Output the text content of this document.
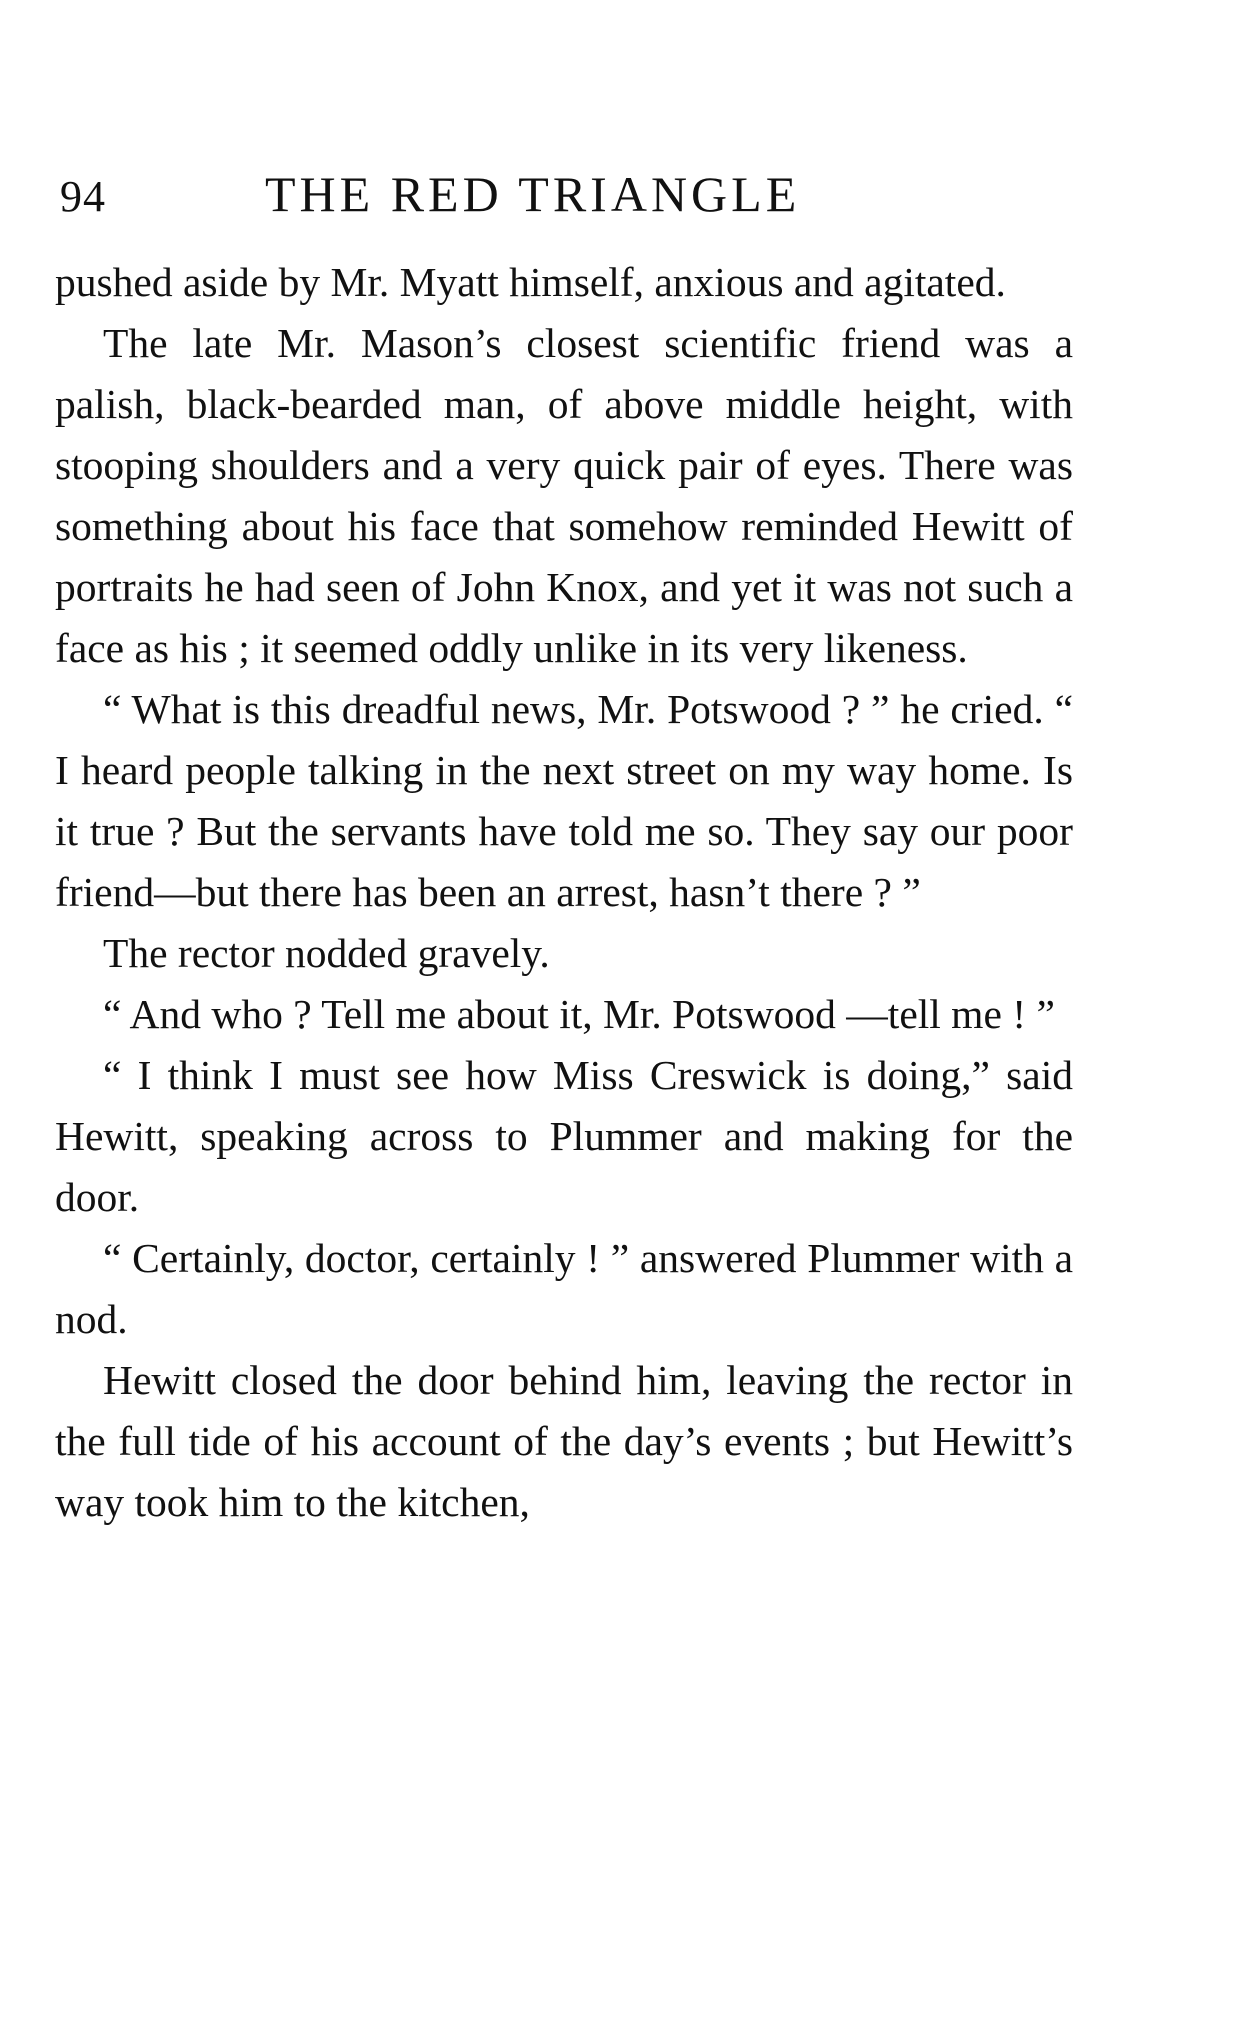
94	THE RED TRIANGLE

pushed aside by Mr. Myatt himself, anxious and agitated.

The late Mr. Mason’s closest scientific friend was a palish, black-bearded man, of above middle height, with stooping shoulders and a very quick pair of eyes. There was something about his face that somehow reminded Hewitt of portraits he had seen of John Knox, and yet it was not such a face as his ; it seemed oddly unlike in its very likeness.

“ What is this dreadful news, Mr. Potswood ? ” he cried. “ I heard people talking in the next street on my way home. Is it true ? But the servants have told me so. They say our poor friend—but there has been an arrest, hasn’t there ? ”

The rector nodded gravely.

“ And who ? Tell me about it, Mr. Potswood —tell me ! ”

“ I think I must see how Miss Creswick is doing,” said Hewitt, speaking across to Plummer and making for the door.

“ Certainly, doctor, certainly ! ” answered Plummer with a nod.

Hewitt closed the door behind him, leaving the rector in the full tide of his account of the day’s events ; but Hewitt’s way took him to the kitchen,
